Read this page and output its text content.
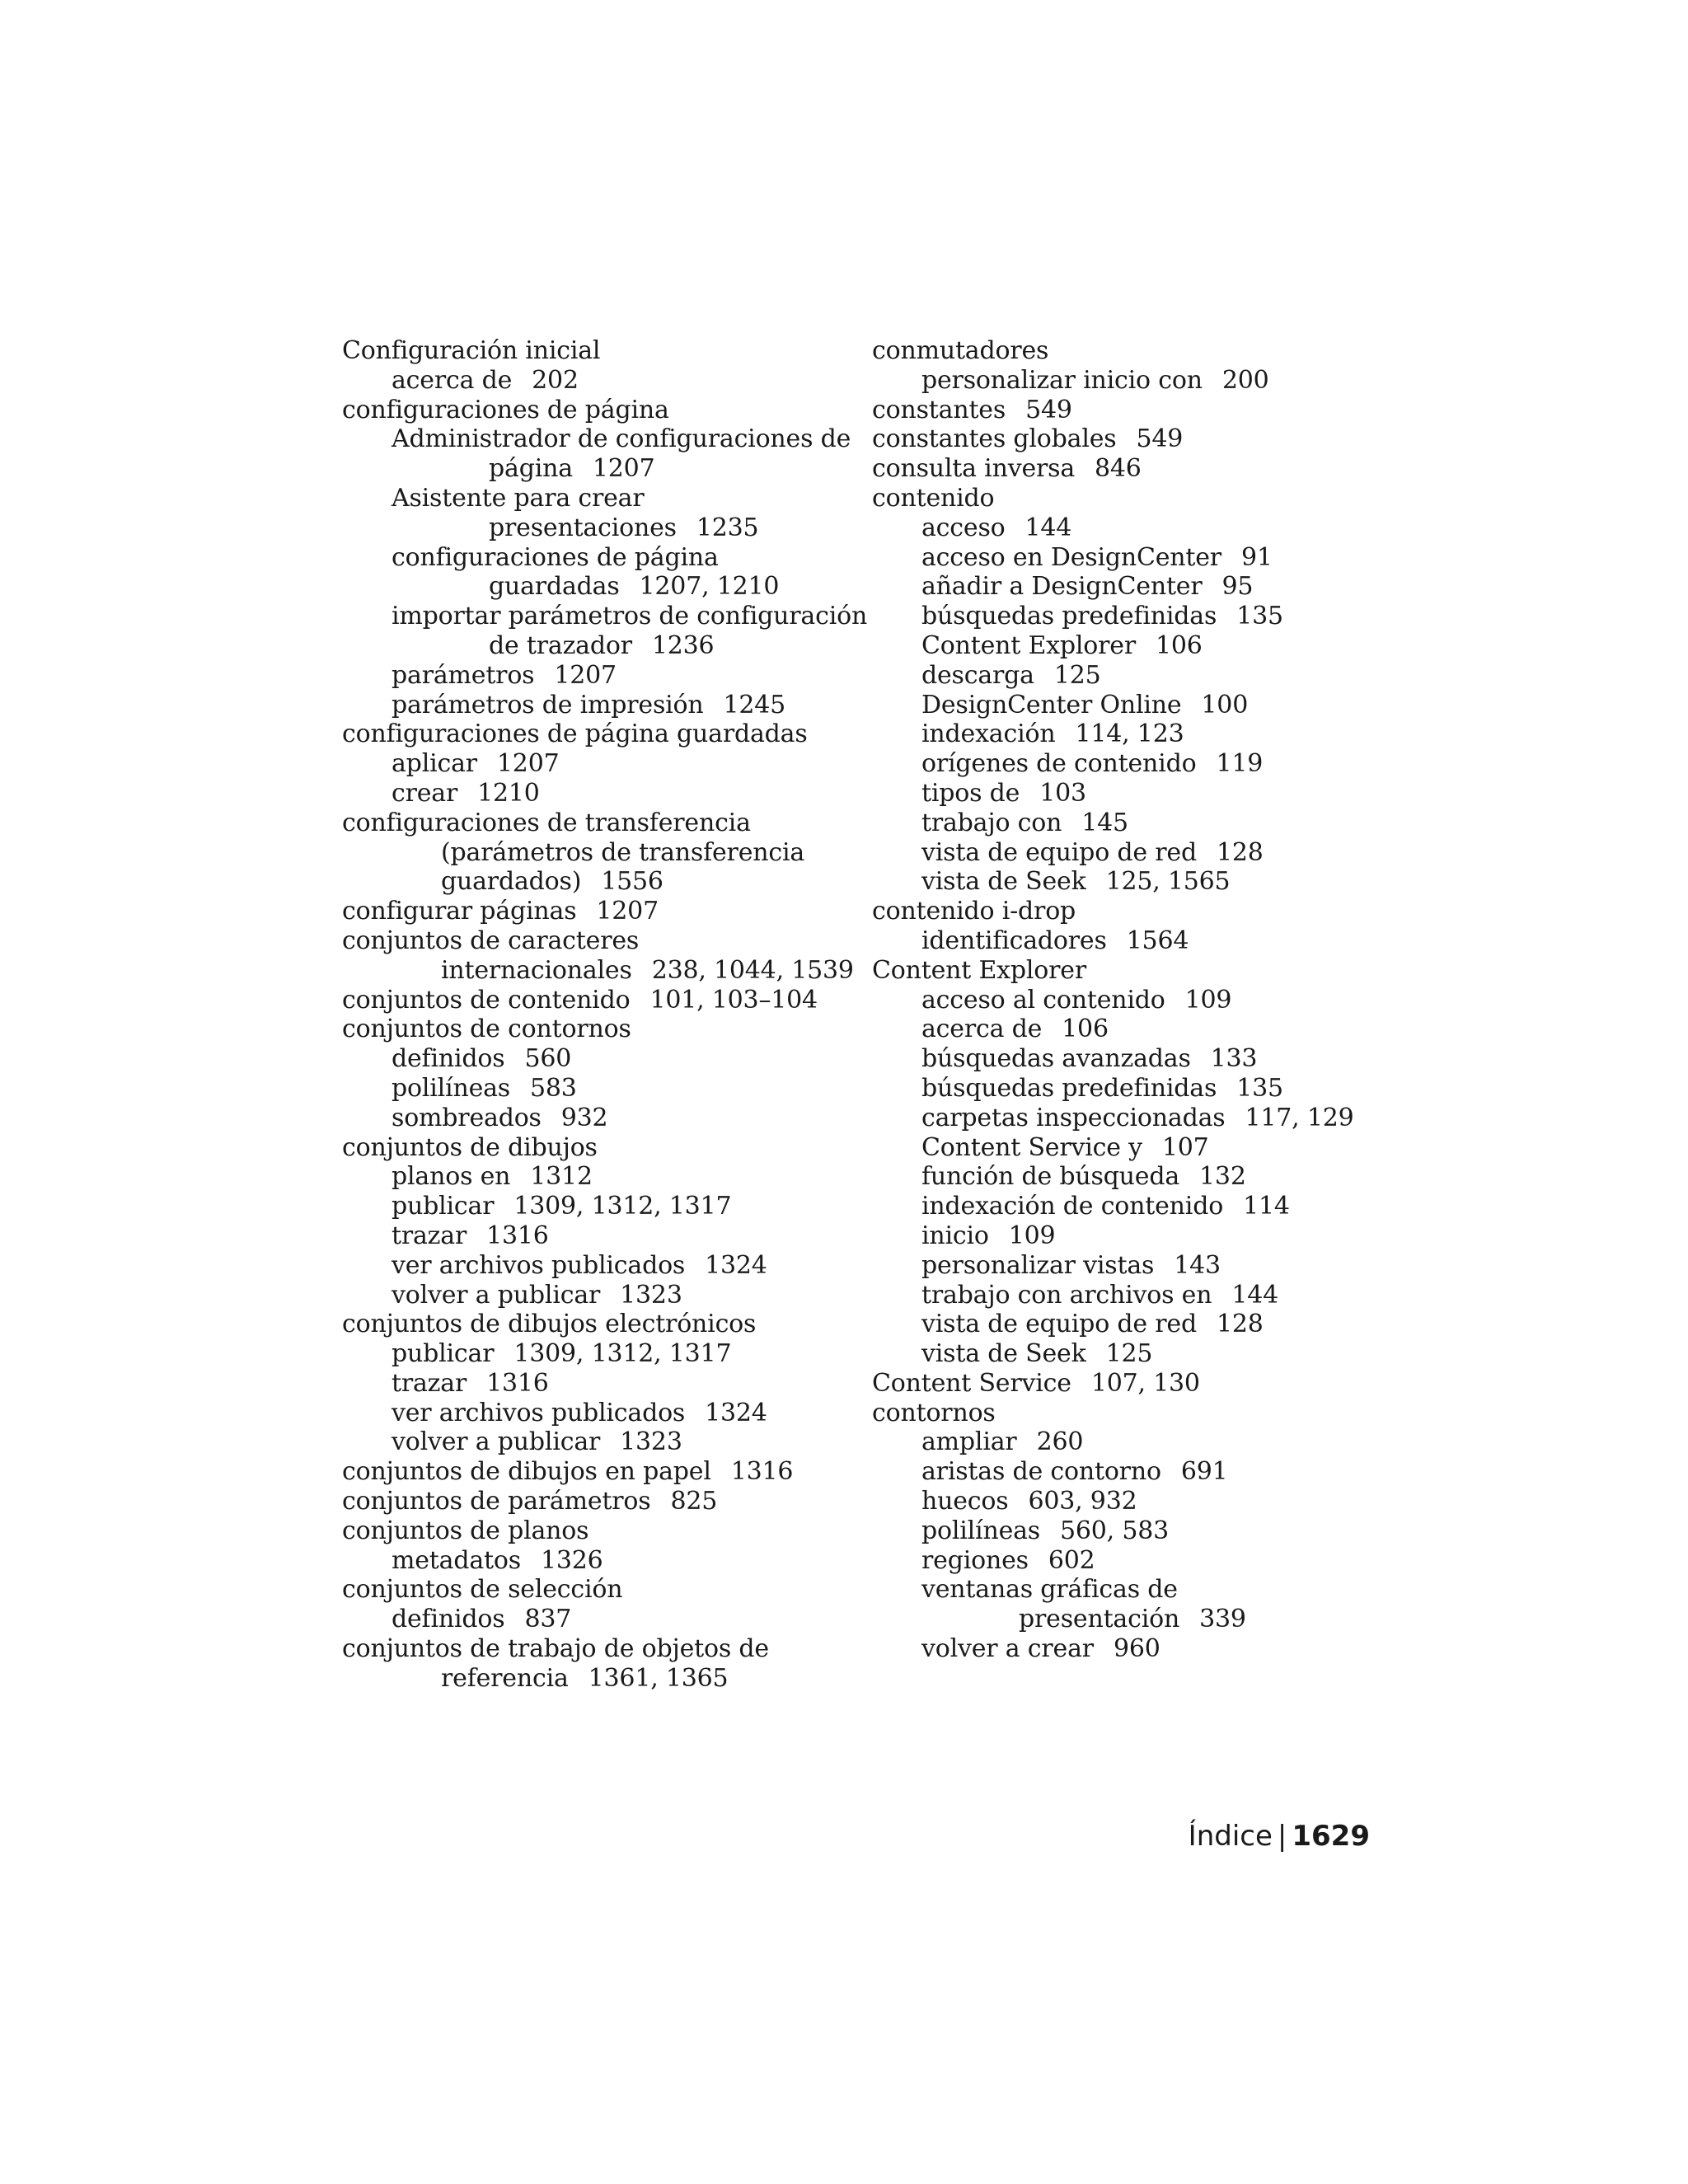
Configuración inicial
acerca de 202
configuraciones de página
Administrador de configuraciones de
página 1207
Asistente para crear
presentaciones 1235
configuraciones de página
guardadas 1207, 1210
importar parámetros de configuración
de trazador 1236
parámetros 1207
parámetros de impresión 1245
configuraciones de página guardadas
aplicar 1207
crear 1210
configuraciones de transferencia
(parámetros de transferencia
guardados) 1556
configurar páginas 1207
conjuntos de caracteres
internacionales 238, 1044, 1539
conjuntos de contenido 101, 103–104
conjuntos de contornos
definidos 560
polilíneas 583
sombreados 932
conjuntos de dibujos
planos en 1312
publicar 1309, 1312, 1317
trazar 1316
ver archivos publicados 1324
volver a publicar 1323
conjuntos de dibujos electrónicos
publicar 1309, 1312, 1317
trazar 1316
ver archivos publicados 1324
volver a publicar 1323
conjuntos de dibujos en papel 1316
conjuntos de parámetros 825
conjuntos de planos
metadatos 1326
conjuntos de selección
definidos 837
conjuntos de trabajo de objetos de
referencia 1361, 1365
conmutadores
personalizar inicio con 200
constantes 549
constantes globales 549
consulta inversa 846
contenido
acceso 144
acceso en DesignCenter 91
añadir a DesignCenter 95
búsquedas predefinidas 135
Content Explorer 106
descarga 125
DesignCenter Online 100
indexación 114, 123
orígenes de contenido 119
tipos de 103
trabajo con 145
vista de equipo de red 128
vista de Seek 125, 1565
contenido i-drop
identificadores 1564
Content Explorer
acceso al contenido 109
acerca de 106
búsquedas avanzadas 133
búsquedas predefinidas 135
carpetas inspeccionadas 117, 129
Content Service y 107
función de búsqueda 132
indexación de contenido 114
inicio 109
personalizar vistas 143
trabajo con archivos en 144
vista de equipo de red 128
vista de Seek 125
Content Service 107, 130
contornos
ampliar 260
aristas de contorno 691
huecos 603, 932
polilíneas 560, 583
regiones 602
ventanas gráficas de
presentación 339
volver a crear 960
Índice | 1629
